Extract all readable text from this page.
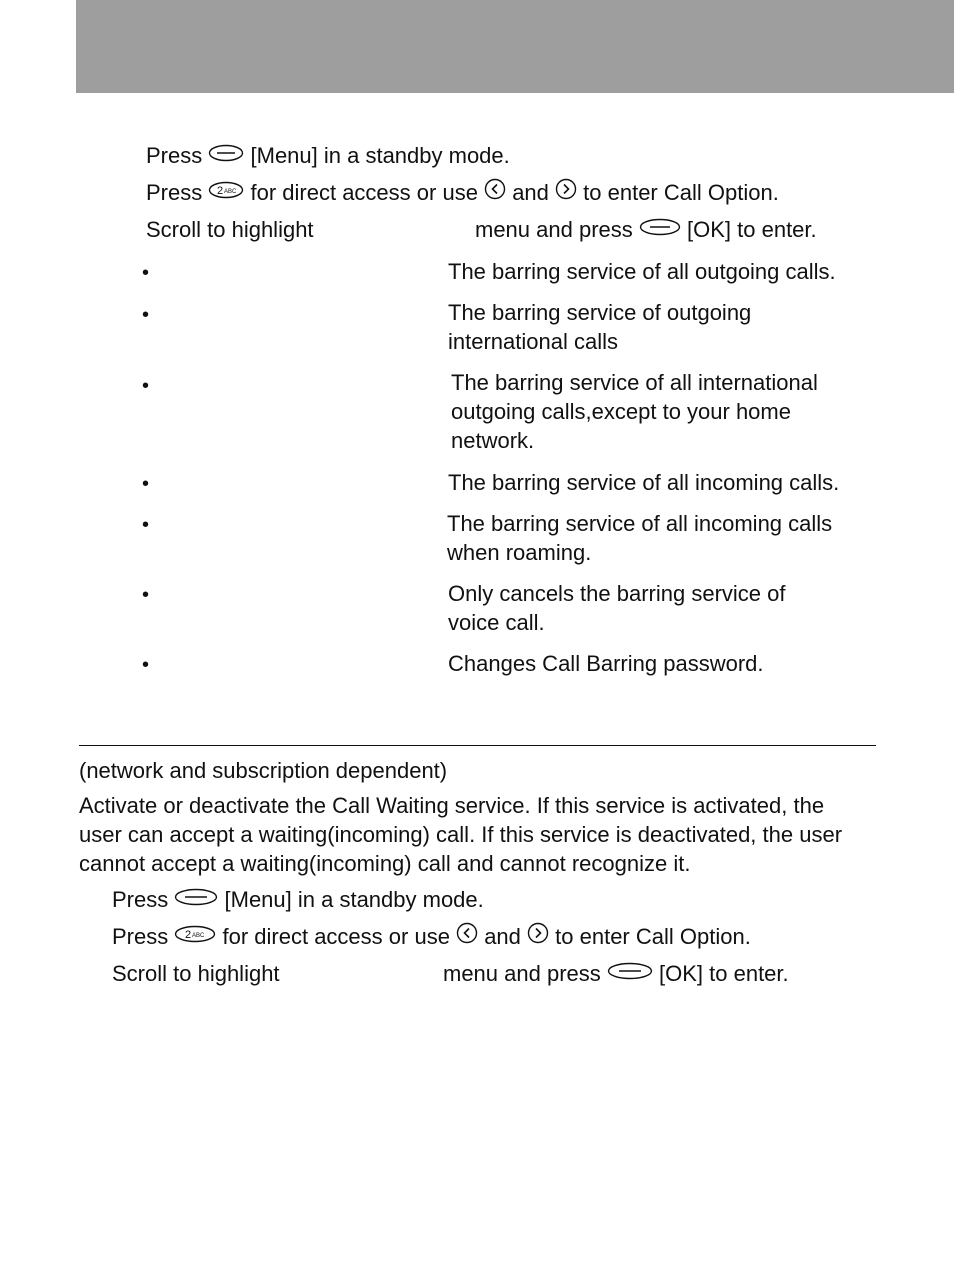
Press [Menu] in a standby mode.
Press 2 ABC for direct access or use and to enter Call Option.
Scroll to highlight	menu and press [OK] to enter.
•	The barring service of all outgoing calls.
•	The barring service of outgoing
international calls
•	The barring service of all international
outgoing calls,except to your home
network.
•	The barring service of all incoming calls.
•	The barring service of all incoming calls
when roaming.
•	Only cancels the barring service of
voice call.
•	Changes Call Barring password.
(network and subscription dependent)
Activate or deactivate the Call Waiting service. If this service is activated, the user can accept a waiting(incoming) call. If this service is deactivated, the user cannot accept a waiting(incoming) call and cannot recognize it.
Press	[Menu] in a standby mode.
Press 2 ABC for direct access or use and to enter Call Option.
Scroll to highlight	menu and press	[OK] to enter.
